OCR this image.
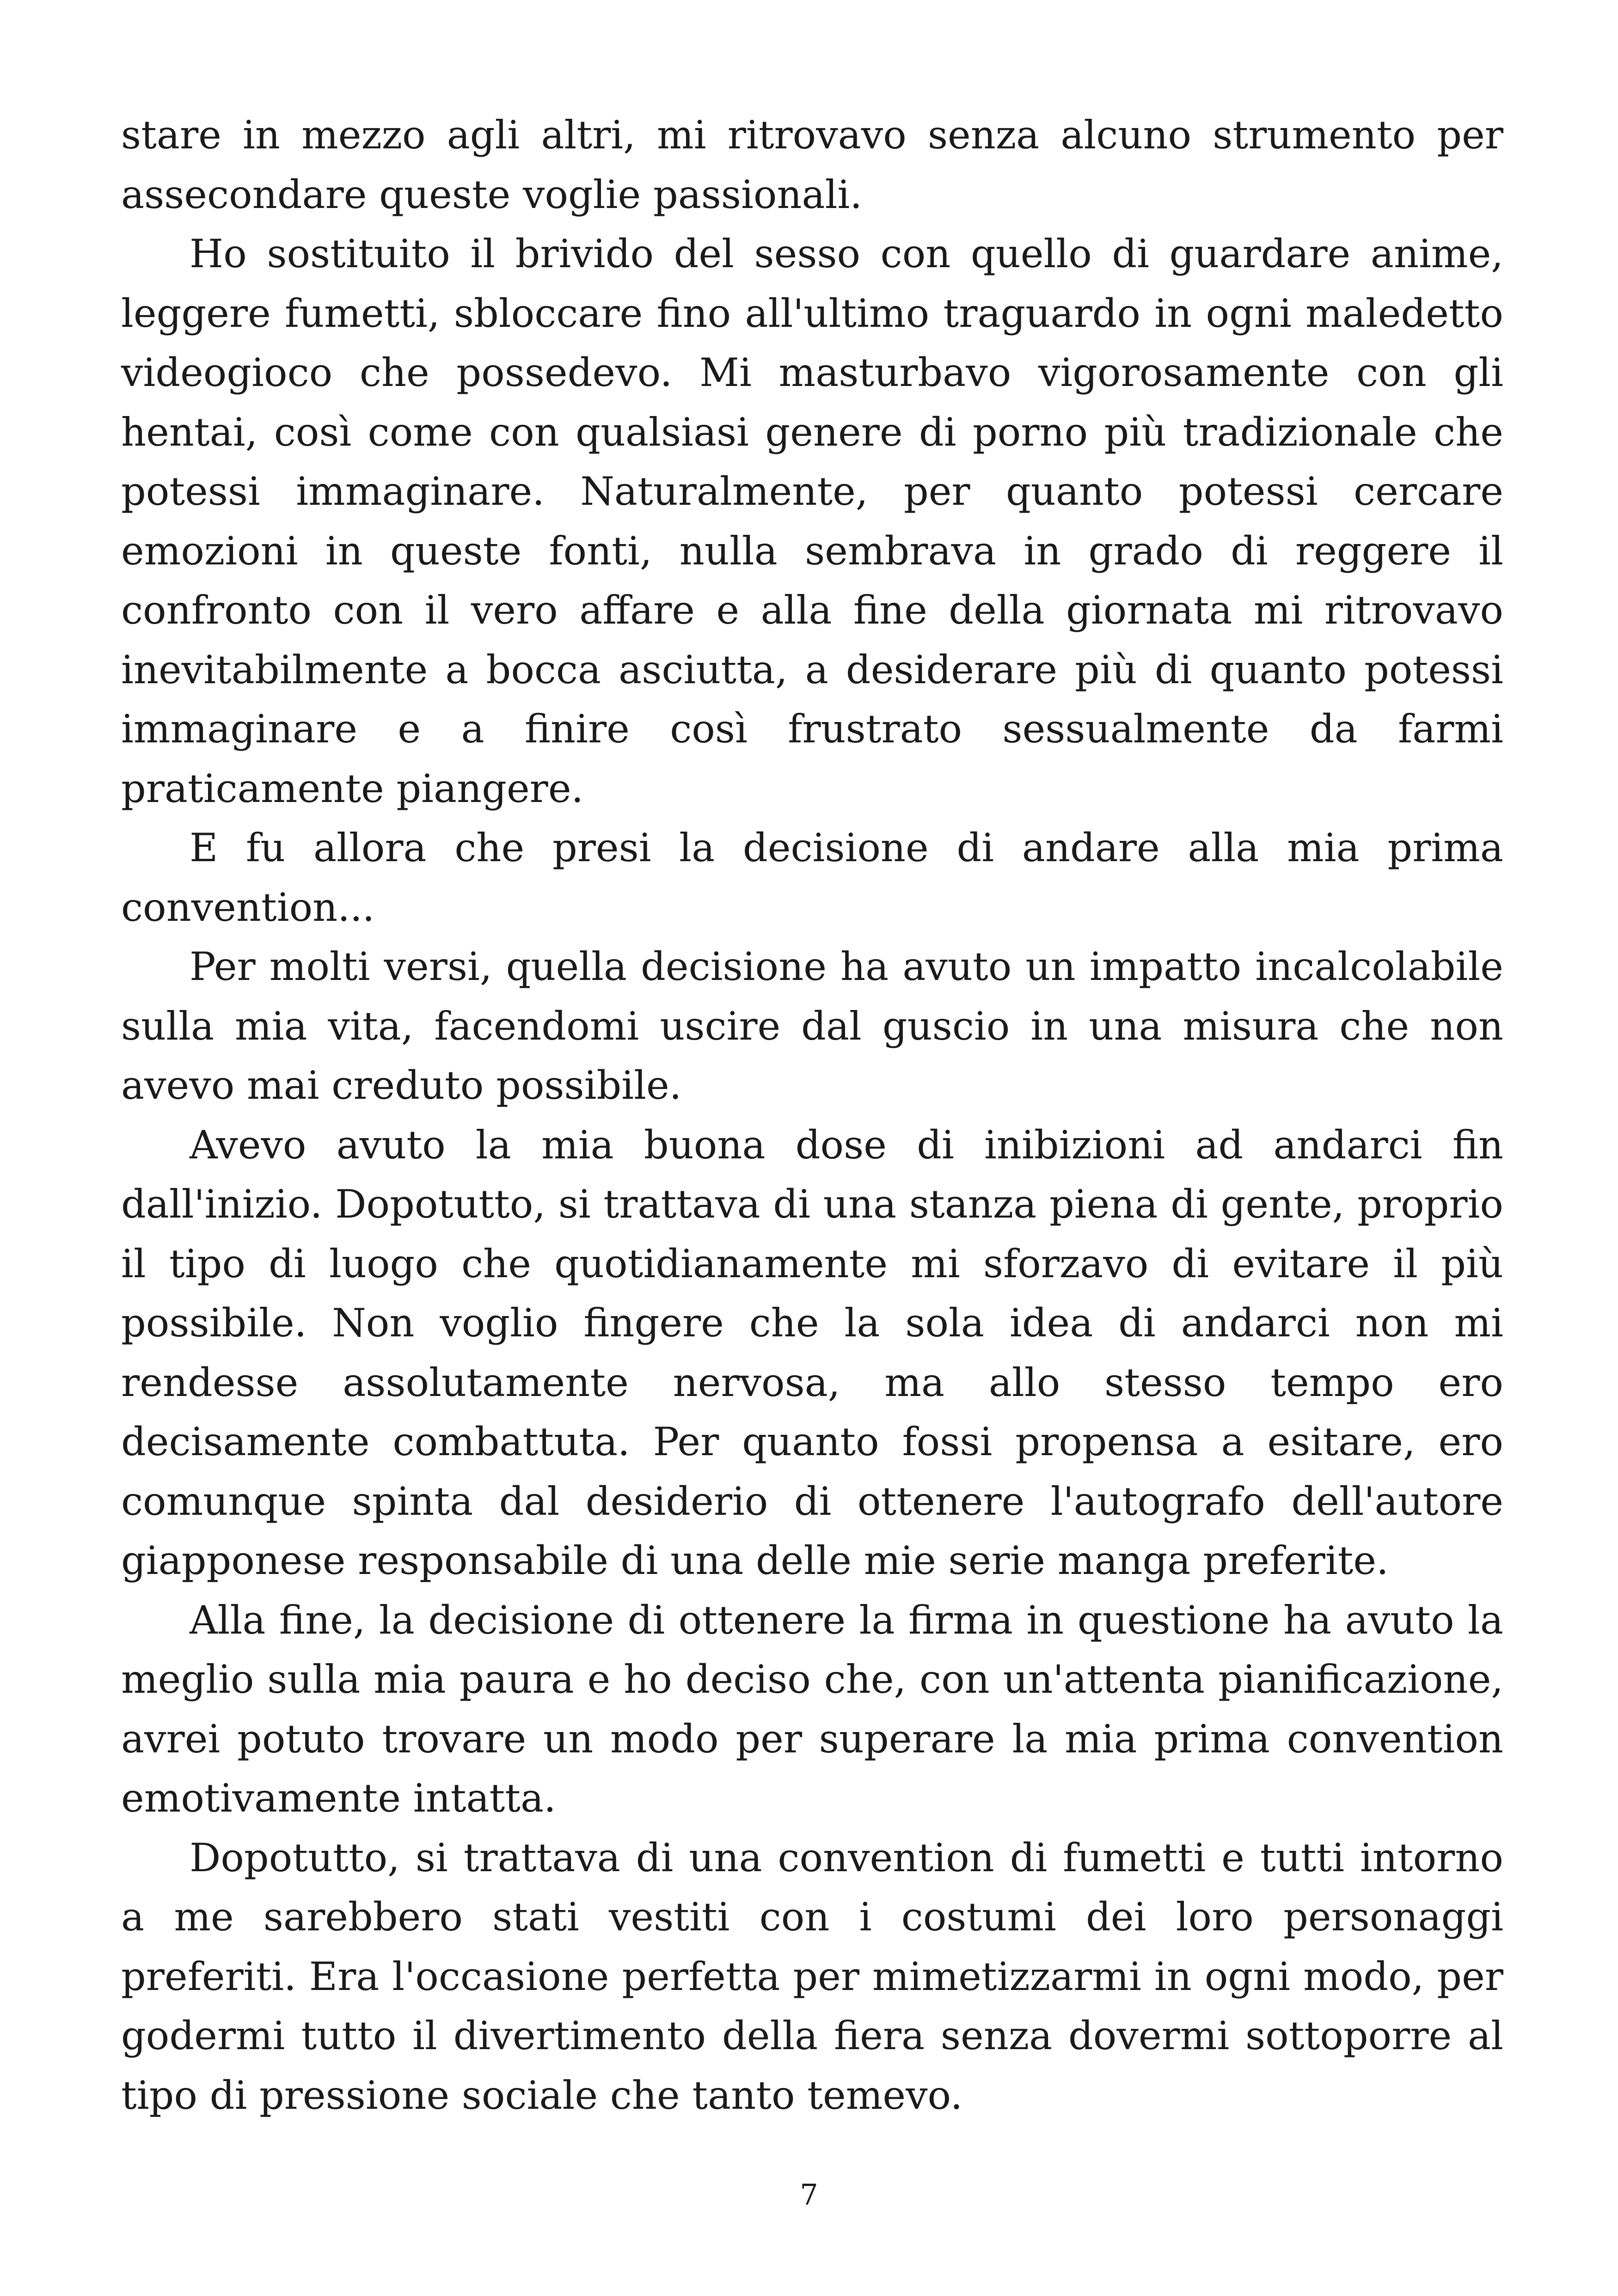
stare in mezzo agli altri, mi ritrovavo senza alcuno strumento per assecondare queste voglie passionali.

Ho sostituito il brivido del sesso con quello di guardare anime, leggere fumetti, sbloccare fino all'ultimo traguardo in ogni maledetto videogioco che possedevo. Mi masturbavo vigorosamente con gli hentai, così come con qualsiasi genere di porno più tradizionale che potessi immaginare. Naturalmente, per quanto potessi cercare emozioni in queste fonti, nulla sembrava in grado di reggere il confronto con il vero affare e alla fine della giornata mi ritrovavo inevitabilmente a bocca asciutta, a desiderare più di quanto potessi immaginare e a finire così frustrato sessualmente da farmi praticamente piangere.

E fu allora che presi la decisione di andare alla mia prima convention...

Per molti versi, quella decisione ha avuto un impatto incalcolabile sulla mia vita, facendomi uscire dal guscio in una misura che non avevo mai creduto possibile.

Avevo avuto la mia buona dose di inibizioni ad andarci fin dall'inizio. Dopotutto, si trattava di una stanza piena di gente, proprio il tipo di luogo che quotidianamente mi sforzavo di evitare il più possibile. Non voglio fingere che la sola idea di andarci non mi rendesse assolutamente nervosa, ma allo stesso tempo ero decisamente combattuta. Per quanto fossi propensa a esitare, ero comunque spinta dal desiderio di ottenere l'autografo dell'autore giapponese responsabile di una delle mie serie manga preferite.

Alla fine, la decisione di ottenere la firma in questione ha avuto la meglio sulla mia paura e ho deciso che, con un'attenta pianificazione, avrei potuto trovare un modo per superare la mia prima convention emotivamente intatta.

Dopotutto, si trattava di una convention di fumetti e tutti intorno a me sarebbero stati vestiti con i costumi dei loro personaggi preferiti. Era l'occasione perfetta per mimetizzarmi in ogni modo, per godermi tutto il divertimento della fiera senza dovermi sottoporre al tipo di pressione sociale che tanto temevo.

7
